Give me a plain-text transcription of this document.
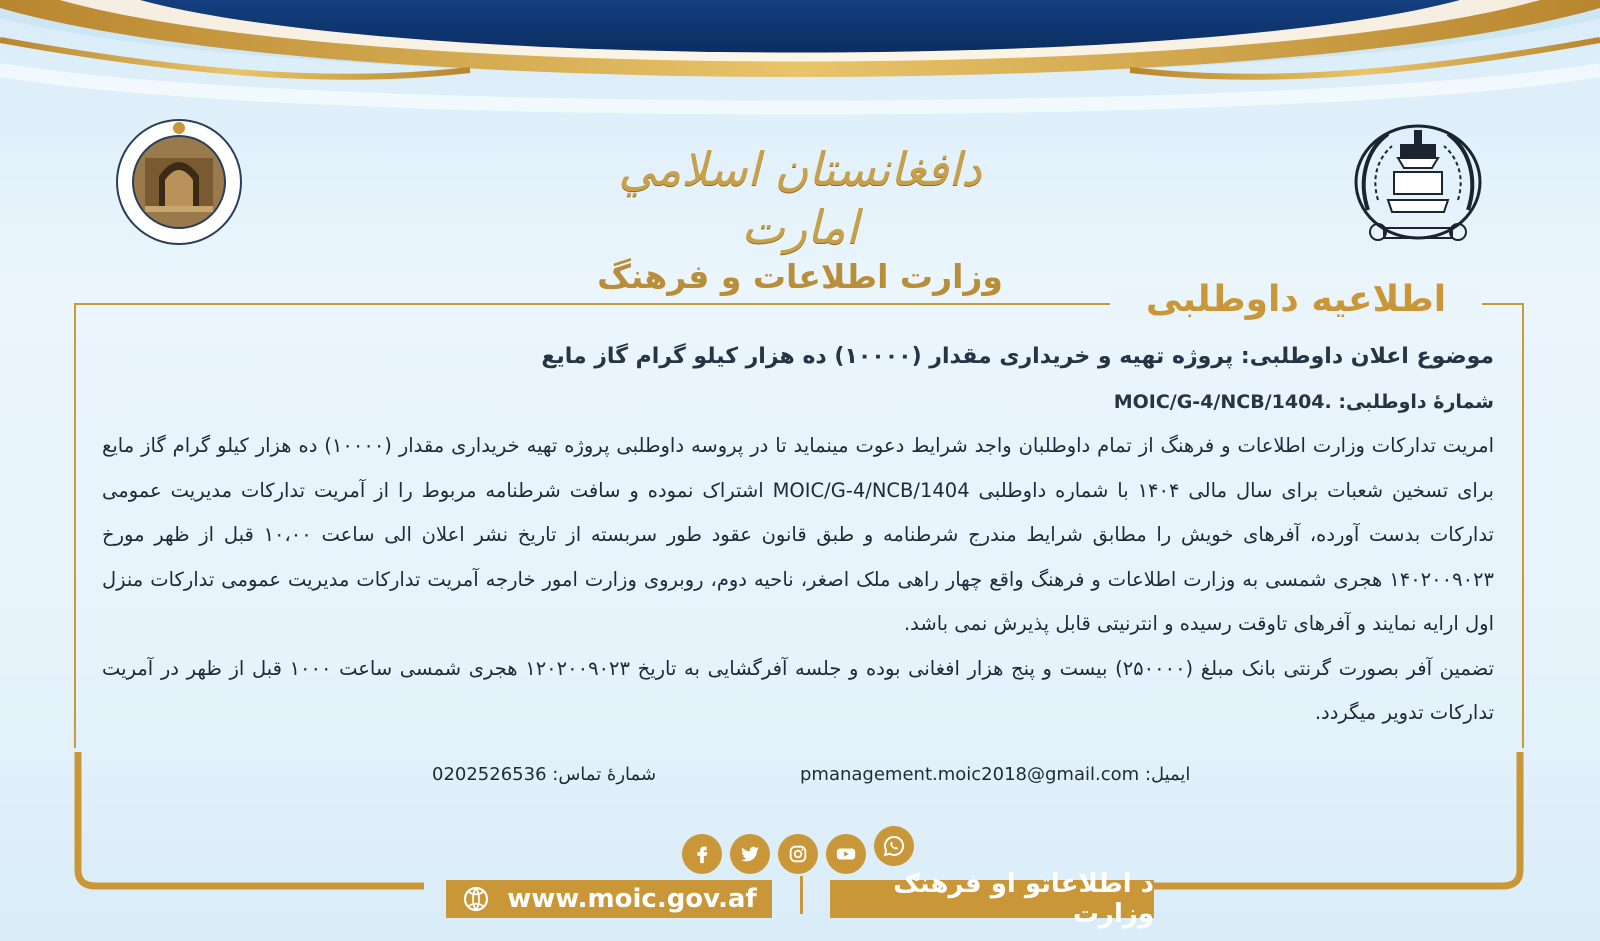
دافغانستان اسلامي امارت
وزارت اطلاعات و فرهنگ
اطلاعیه داوطلبی

موضوع اعلان داوطلبی: پروژه تهیه و خریداری مقدار (۱۰۰۰۰) ده هزار کیلو گرام گاز مایع

شمارهٔ داوطلبی: MOIC/G-4/NCB/1404.

امریت تدارکات وزارت اطلاعات و فرهنگ از تمام داوطلبان واجد شرایط دعوت مینماید تا در پروسه داوطلبی پروژه تهیه خریداری مقدار (۱۰۰۰۰) ده هزار کیلو گرام گاز مایع برای تسخین شعبات برای سال مالی ۱۴۰۴ با شماره داوطلبی MOIC/G-4/NCB/1404 اشتراک نموده و سافت شرطنامه مربوط را از آمریت تدارکات مدیریت عمومی تدارکات بدست آورده، آفرهای خویش را مطابق شرایط مندرج شرطنامه و طبق قانون عقود طور سربسته از تاریخ نشر اعلان الی ساعت ۱۰،۰۰ قبل از ظهر مورخ ۱۴۰۲۰۰۹۰۲۳ هجری شمسی به وزارت اطلاعات و فرهنگ واقع چهار راهی ملک اصغر، ناحیه دوم، روبروی وزارت امور خارجه آمریت تدارکات مدیریت عمومی تدارکات منزل اول ارایه نمایند و آفرهای تاوقت رسیده و انترنیتی قابل پذیرش نمی باشد.

تضمین آفر بصورت گرنتی بانک مبلغ (۲۵۰۰۰۰) بیست و پنج هزار افغانی بوده و جلسه آفرگشایی به تاریخ ۱۲۰۲۰۰۹۰۲۳ هجری شمسی ساعت ۱۰۰۰ قبل از ظهر در آمریت تدارکات تدویر میگردد.

ایمیل: pmanagement.moic2018@gmail.com
شمارهٔ تماس: 0202526536
www.moic.gov.af	د اطلاعاتو او فرهنګ وزارت
